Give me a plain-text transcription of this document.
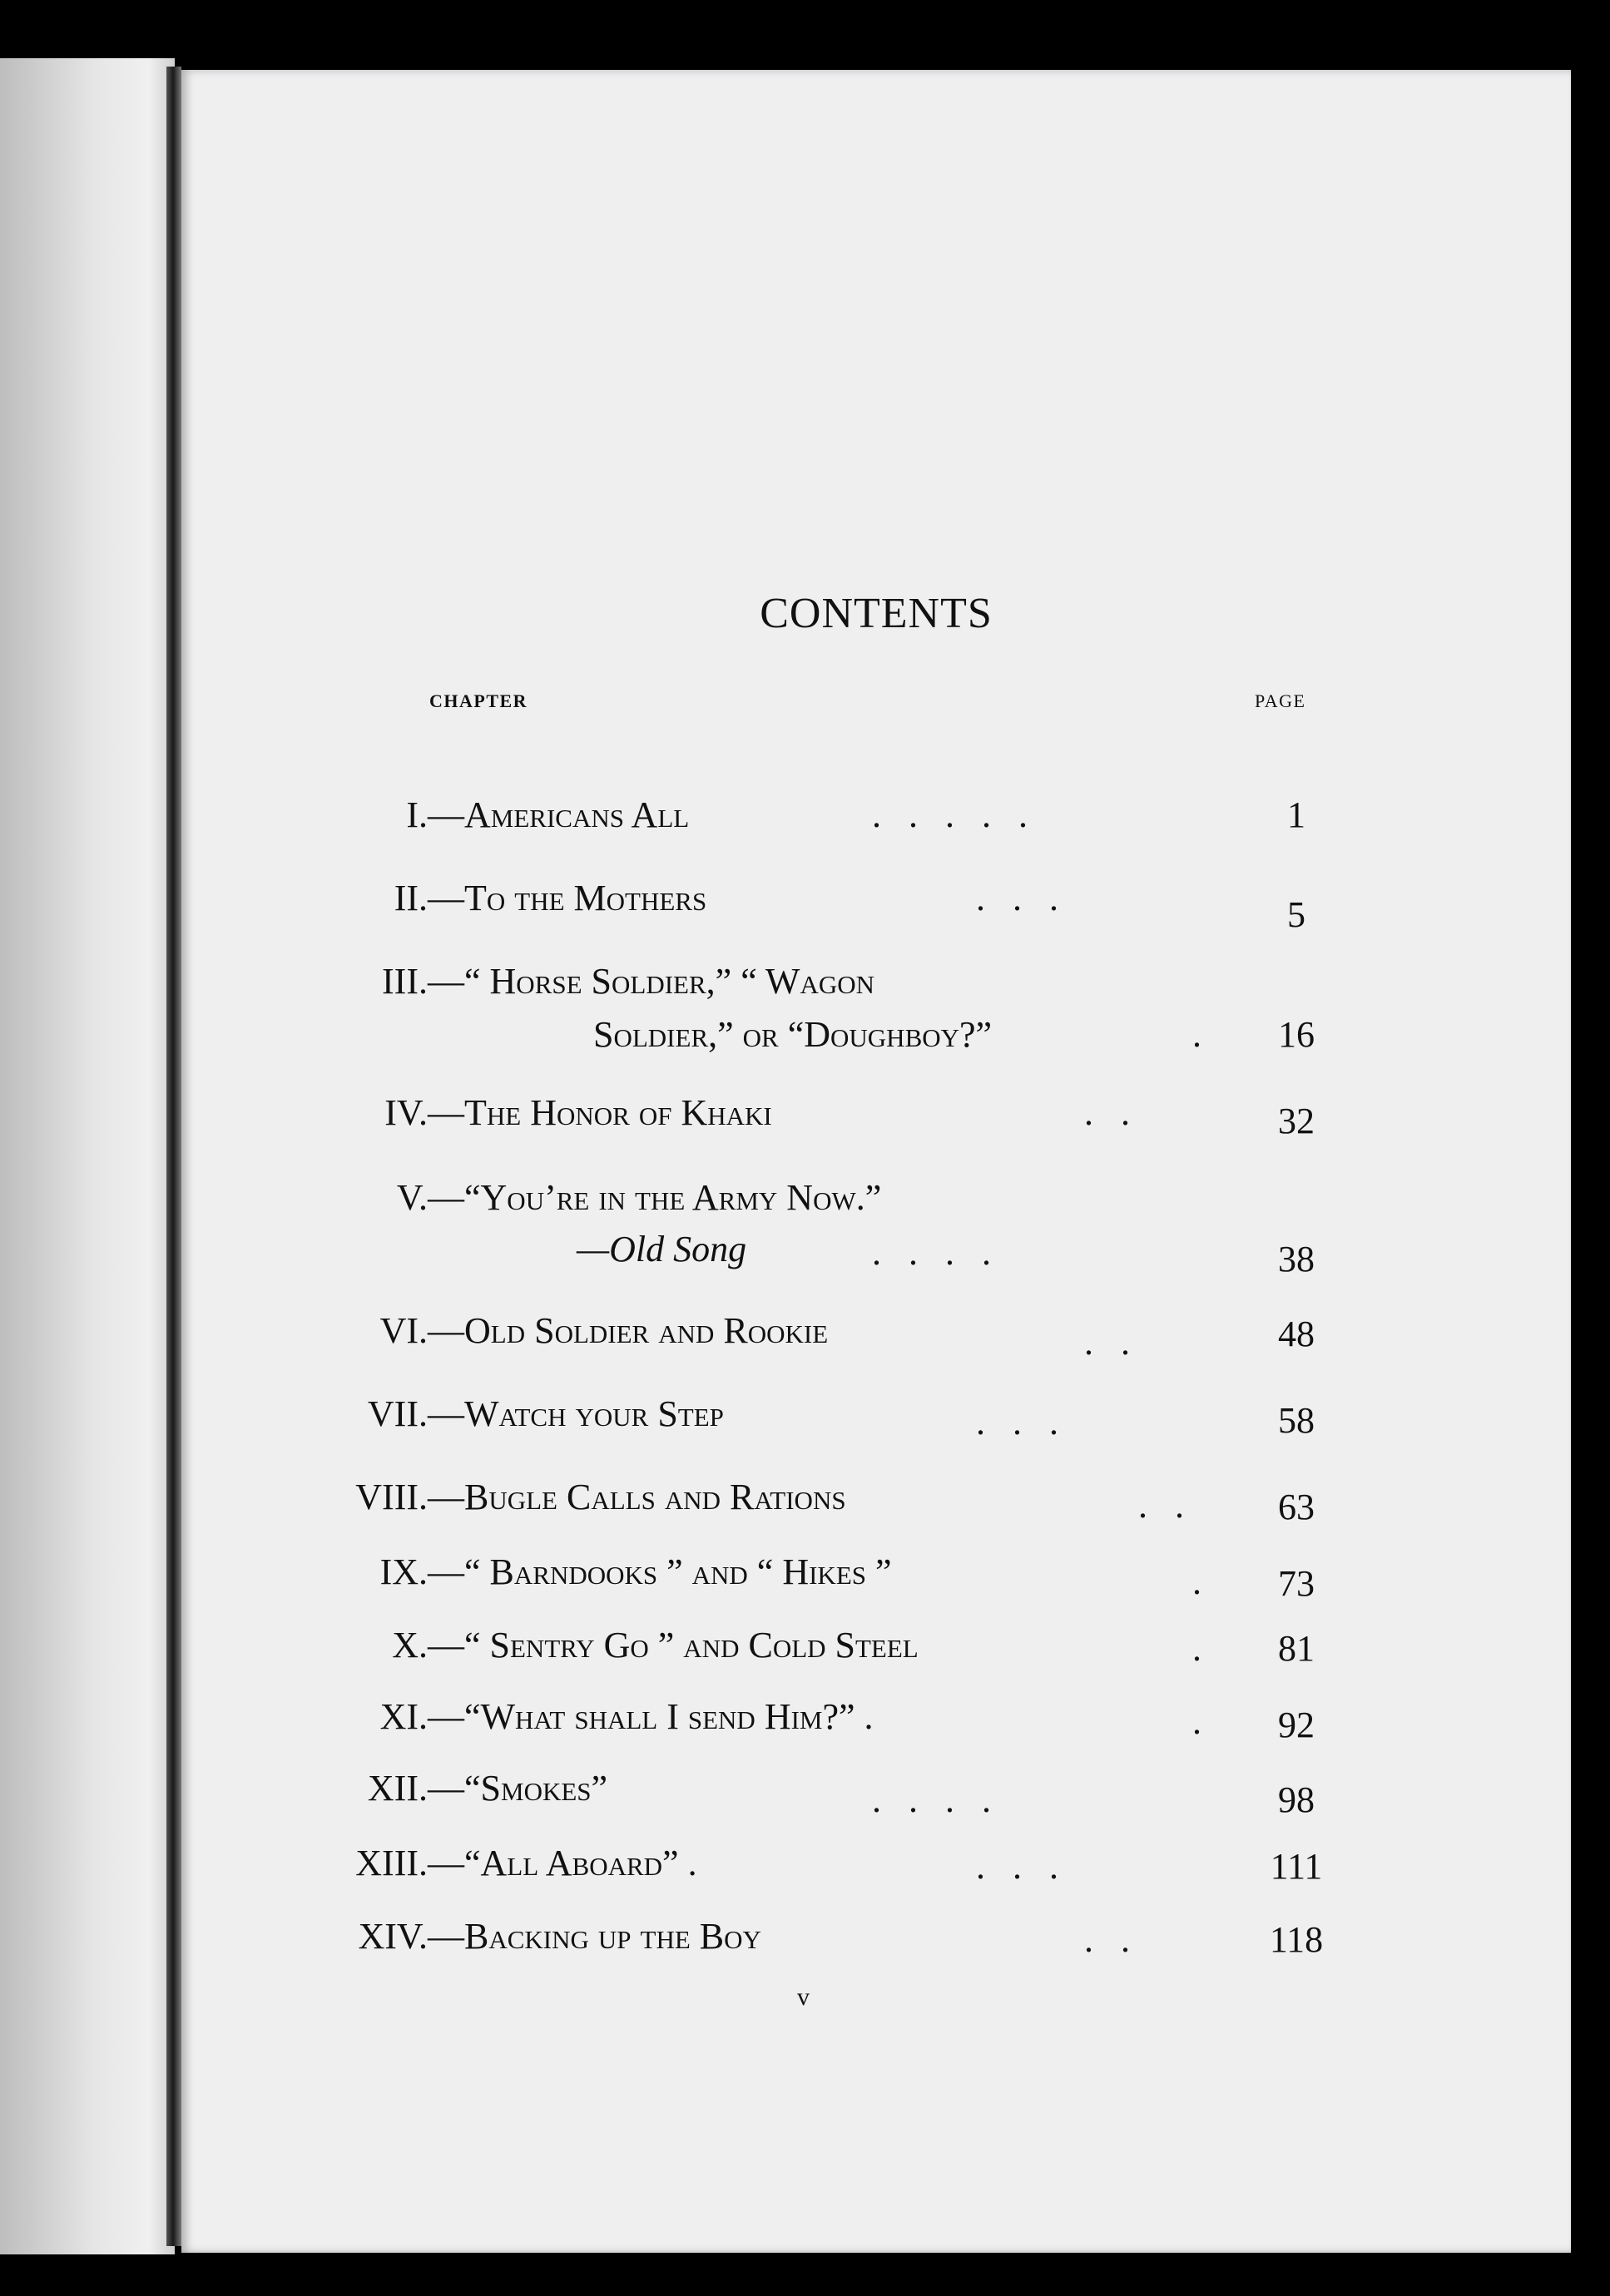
CONTENTS
CHAPTER	PAGE
I.— Americans All	.   .   .   .   .	1
II.— To the Mothers	.   .   .	5
III.— “ Horse Soldier,” “ Wagon
Soldier,” or “Doughboy?”	.	16
IV.— The Honor of Khaki	.   .	32
V.— “You’re in the Army Now.”
—Old Song	.   .   .   .	38
VI.— Old Soldier and Rookie	.   .	48
VII.— Watch your Step	.   .   .	58
VIII.— Bugle Calls and Rations	.   .	63
IX.— “ Barndooks ” and “ Hikes ”	.	73
X.— “ Sentry Go ” and Cold Steel	.	81
XI.— “What shall I send Him?” .	.	92
XII.— “Smokes”	.   .   .   .	98
XIII.— “All Aboard” .	.   .   .	111
XIV.— Backing up the Boy	.   .	118
v
